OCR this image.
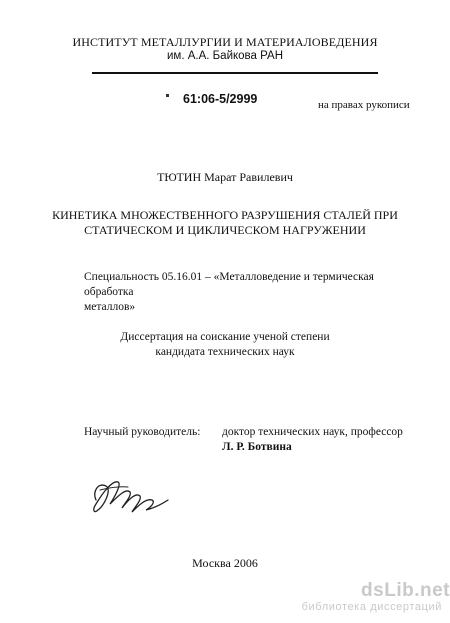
ИНСТИТУТ МЕТАЛЛУРГИИ И МАТЕРИАЛОВЕДЕНИЯ
им. А.А. Байкова РАН
61:06-5/2999	на правах рукописи
ТЮТИН Марат Равилевич
КИНЕТИКА МНОЖЕСТВЕННОГО РАЗРУШЕНИЯ СТАЛЕЙ ПРИ
СТАТИЧЕСКОМ И ЦИКЛИЧЕСКОМ НАГРУЖЕНИИ
Специальность 05.16.01 – «Металловедение и термическая обработка
металлов»
Диссертация на соискание ученой степени
кандидата технических наук
Научный руководитель: доктор технических наук, профессор
Л. Р. Ботвина
Москва 2006
dsLib.net
библиотека диссертаций
